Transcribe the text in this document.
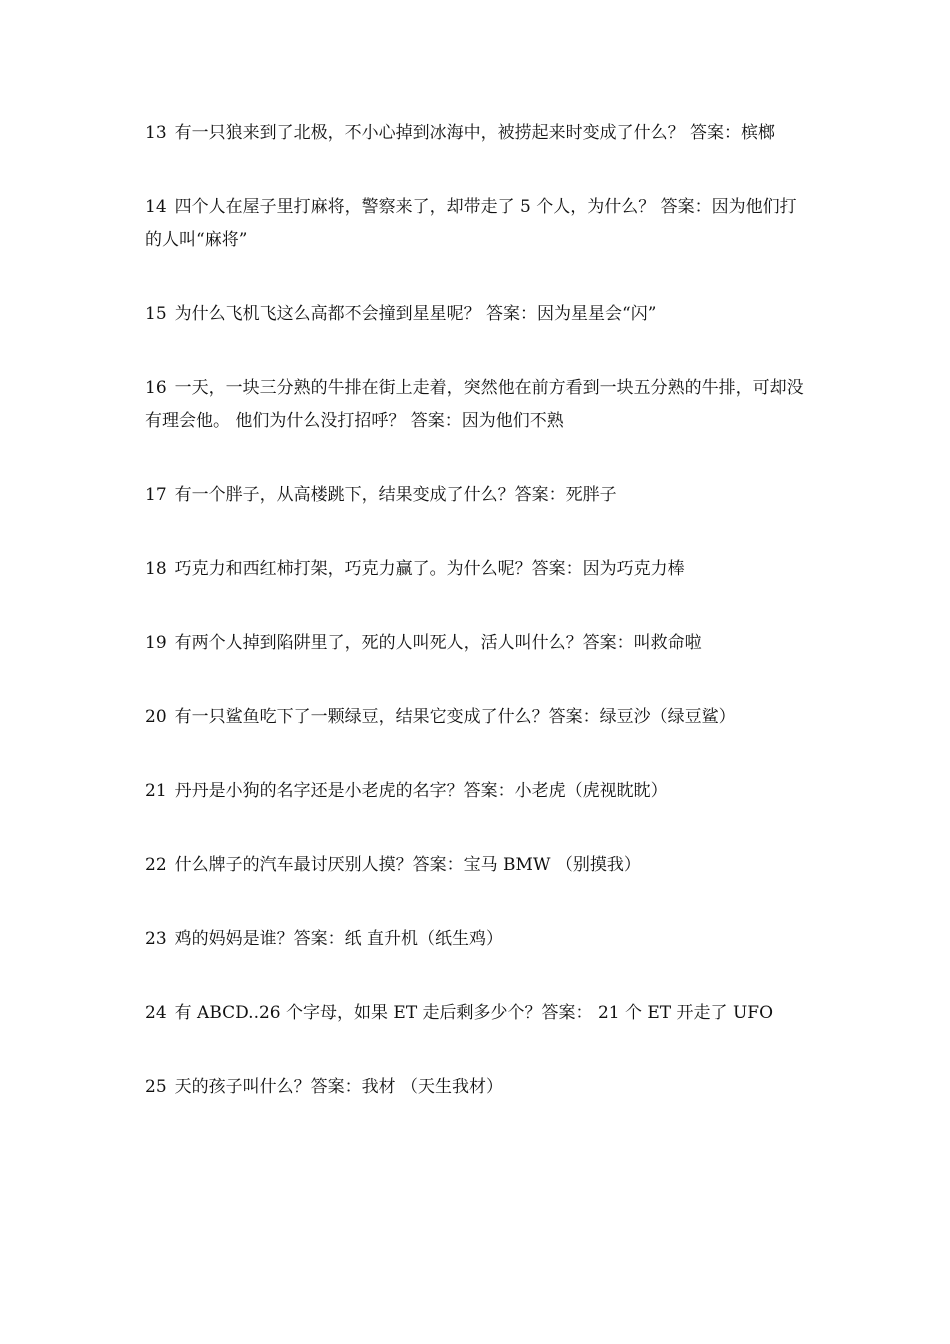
13 有一只狼来到了北极，不小心掉到冰海中，被捞起来时变成了什么？ 答案：槟榔

14 四个人在屋子里打麻将，警察来了，却带走了 5 个人，为什么？ 答案：因为他们打的人叫“麻将”

15 为什么飞机飞这么高都不会撞到星星呢？ 答案：因为星星会“闪”

16 一天，一块三分熟的牛排在街上走着，突然他在前方看到一块五分熟的牛排，可却没有理会他。 他们为什么没打招呼？ 答案：因为他们不熟

17 有一个胖子，从高楼跳下，结果变成了什么？答案：死胖子

18 巧克力和西红柿打架，巧克力赢了。为什么呢？答案：因为巧克力棒

19 有两个人掉到陷阱里了，死的人叫死人，活人叫什么？答案：叫救命啦

20 有一只鲨鱼吃下了一颗绿豆，结果它变成了什么？答案：绿豆沙（绿豆鲨）

21 丹丹是小狗的名字还是小老虎的名字？答案：小老虎（虎视眈眈）

22 什么牌子的汽车最讨厌别人摸？答案：宝马 BMW （别摸我）

23 鸡的妈妈是谁？答案：纸 直升机（纸生鸡）

24 有 ABCD..26 个字母，如果 ET 走后剩多少个？答案： 21 个 ET 开走了 UFO

25 天的孩子叫什么？答案：我材 （天生我材）
